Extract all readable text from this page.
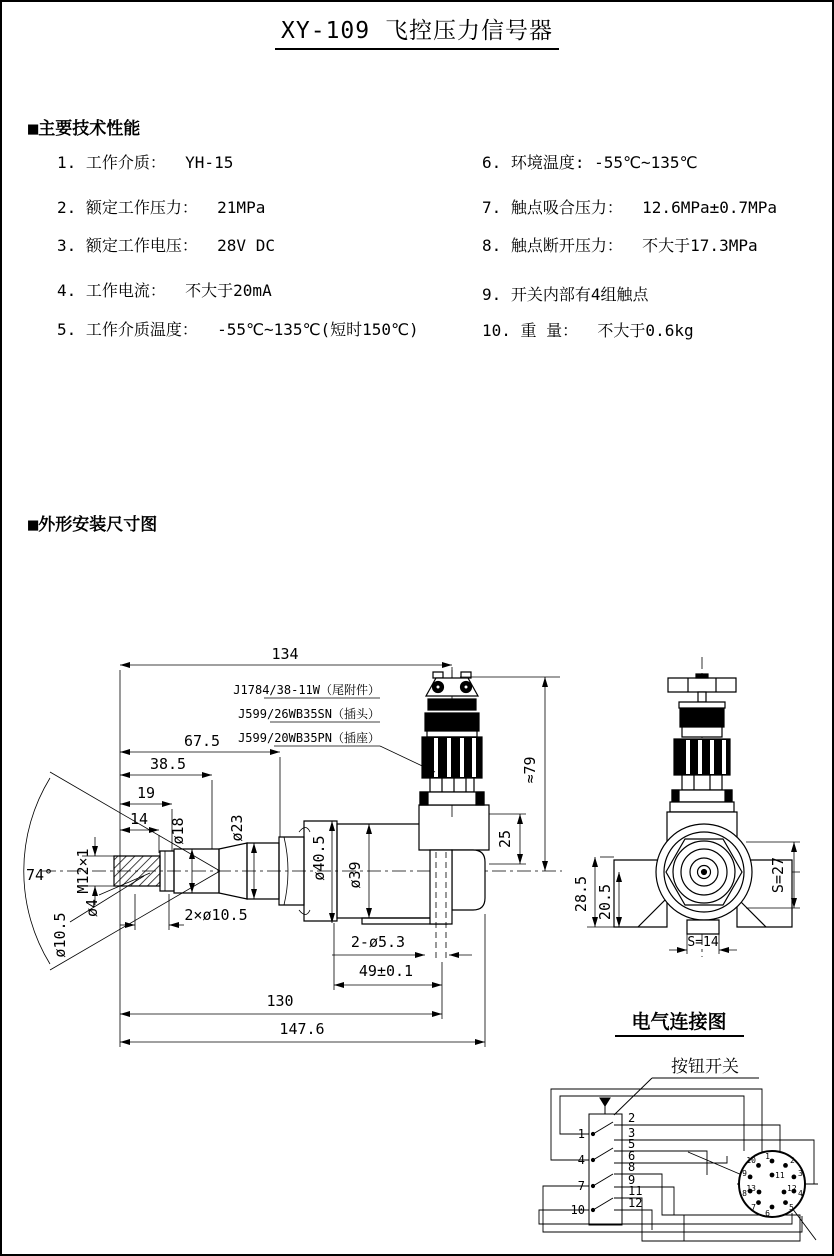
XY-109 飞控压力信号器
■主要技术性能
1. 工作介质：  YH-15
2. 额定工作压力：  21MPa
3. 额定工作电压：  28V DC
4. 工作电流：  不大于20mA
5. 工作介质温度：  -55℃~135℃(短时150℃)
6. 环境温度: -55℃~135℃
7. 触点吸合压力：  12.6MPa±0.7MPa
8. 触点断开压力：  不大于17.3MPa
9. 开关内部有4组触点
10. 重 量：  不大于0.6kg
■外形安装尺寸图
J1784/38-11W（尾附件）
J599/26WB35SN（插头）
J599/20WB35PN（插座）
134
67.5
38.5
19
14 ø18	ø23
M12×1
74°
ø4
ø10.5	2×ø10.5
ø40.5 ø39
25
≈79
2-ø5.3
49±0.1
130
147.6
28.5 20.5
S=27
S=14
电气连接图
按钮开关
1
4
7
10
2
3
5
6
8
9
11
12
1	2
3
4
5
6
7
8
9
10
11
12
13
